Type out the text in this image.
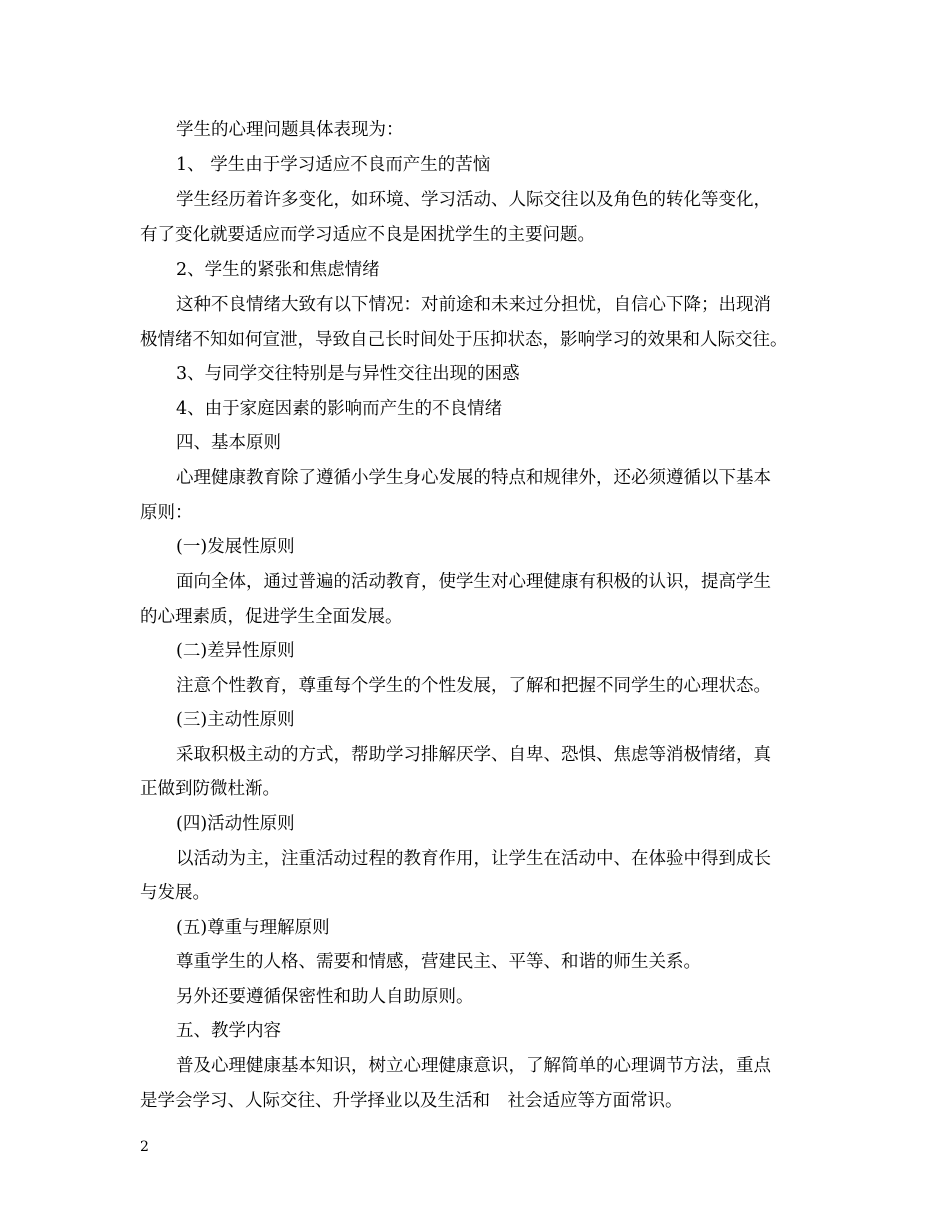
学生的心理问题具体表现为：
1、 学生由于学习适应不良而产生的苦恼
学生经历着许多变化，如环境、学习活动、人际交往以及角色的转化等变化，
有了变化就要适应而学习适应不良是困扰学生的主要问题。
2、学生的紧张和焦虑情绪
这种不良情绪大致有以下情况：对前途和未来过分担忧，自信心下降；出现消
极情绪不知如何宣泄，导致自己长时间处于压抑状态，影响学习的效果和人际交往。
3、与同学交往特别是与异性交往出现的困惑
4、由于家庭因素的影响而产生的不良情绪
四、基本原则
心理健康教育除了遵循小学生身心发展的特点和规律外，还必须遵循以下基本
原则：
(一)发展性原则
面向全体，通过普遍的活动教育，使学生对心理健康有积极的认识，提高学生
的心理素质，促进学生全面发展。
(二)差异性原则
注意个性教育，尊重每个学生的个性发展，了解和把握不同学生的心理状态。
(三)主动性原则
采取积极主动的方式，帮助学习排解厌学、自卑、恐惧、焦虑等消极情绪，真
正做到防微杜渐。
(四)活动性原则
以活动为主，注重活动过程的教育作用，让学生在活动中、在体验中得到成长
与发展。
(五)尊重与理解原则
尊重学生的人格、需要和情感，营建民主、平等、和谐的师生关系。
另外还要遵循保密性和助人自助原则。
五、教学内容
普及心理健康基本知识，树立心理健康意识，了解简单的心理调节方法，重点
是学会学习、人际交往、升学择业以及生活和　社会适应等方面常识。
2
